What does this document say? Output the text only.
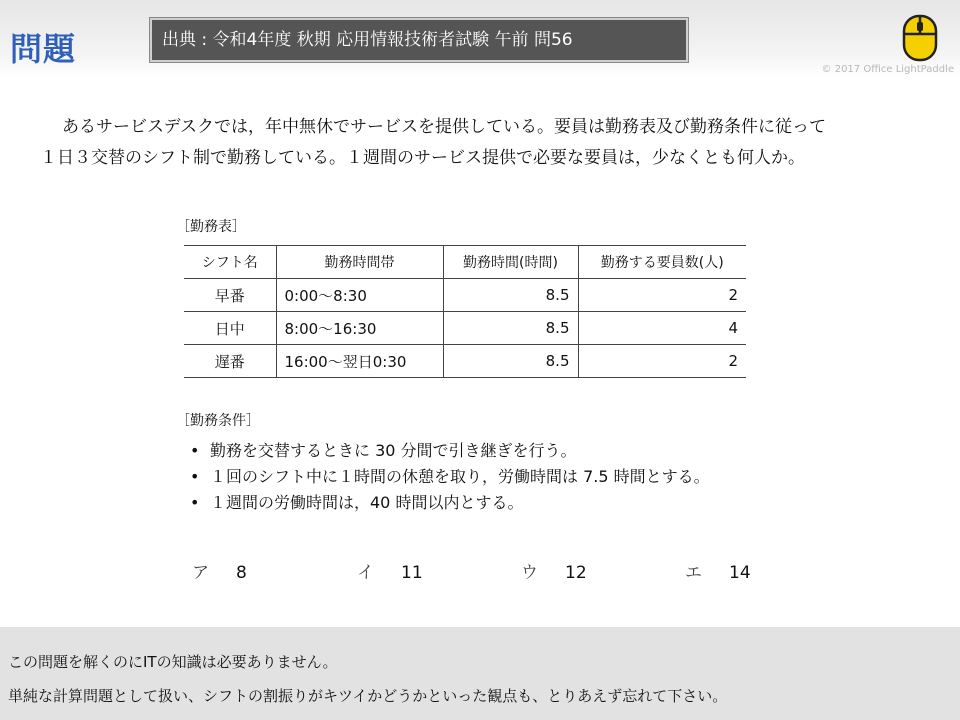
問題	出典 : 令和4年度 秋期 応用情報技術者試験 午前 問56
© 2017 Office LightPaddle

あるサービスデスクでは，年中無休でサービスを提供している。要員は勤務表及び勤務条件に従って

１日３交替のシフト制で勤務している。１週間のサービス提供で必要な要員は，少なくとも何人か。

［勤務表］
シフト名	勤務時間帯	勤務時間(時間)	勤務する要員数(人)
早番	0:00～8:30	8.5	2
日中	8:00～16:30	8.5	4
遅番	16:00～翌日0:30	8.5	2
［勤務条件］
• 勤務を交替するときに 30 分間で引き継ぎを行う。
• １回のシフト中に１時間の休憩を取り，労働時間は 7.5 時間とする。
• １週間の労働時間は，40 時間以内とする。
ア 8	イ 11	ウ 12	エ 14

この問題を解くのにITの知識は必要ありません。

単純な計算問題として扱い、シフトの割振りがキツイかどうかといった観点も、とりあえず忘れて下さい。
